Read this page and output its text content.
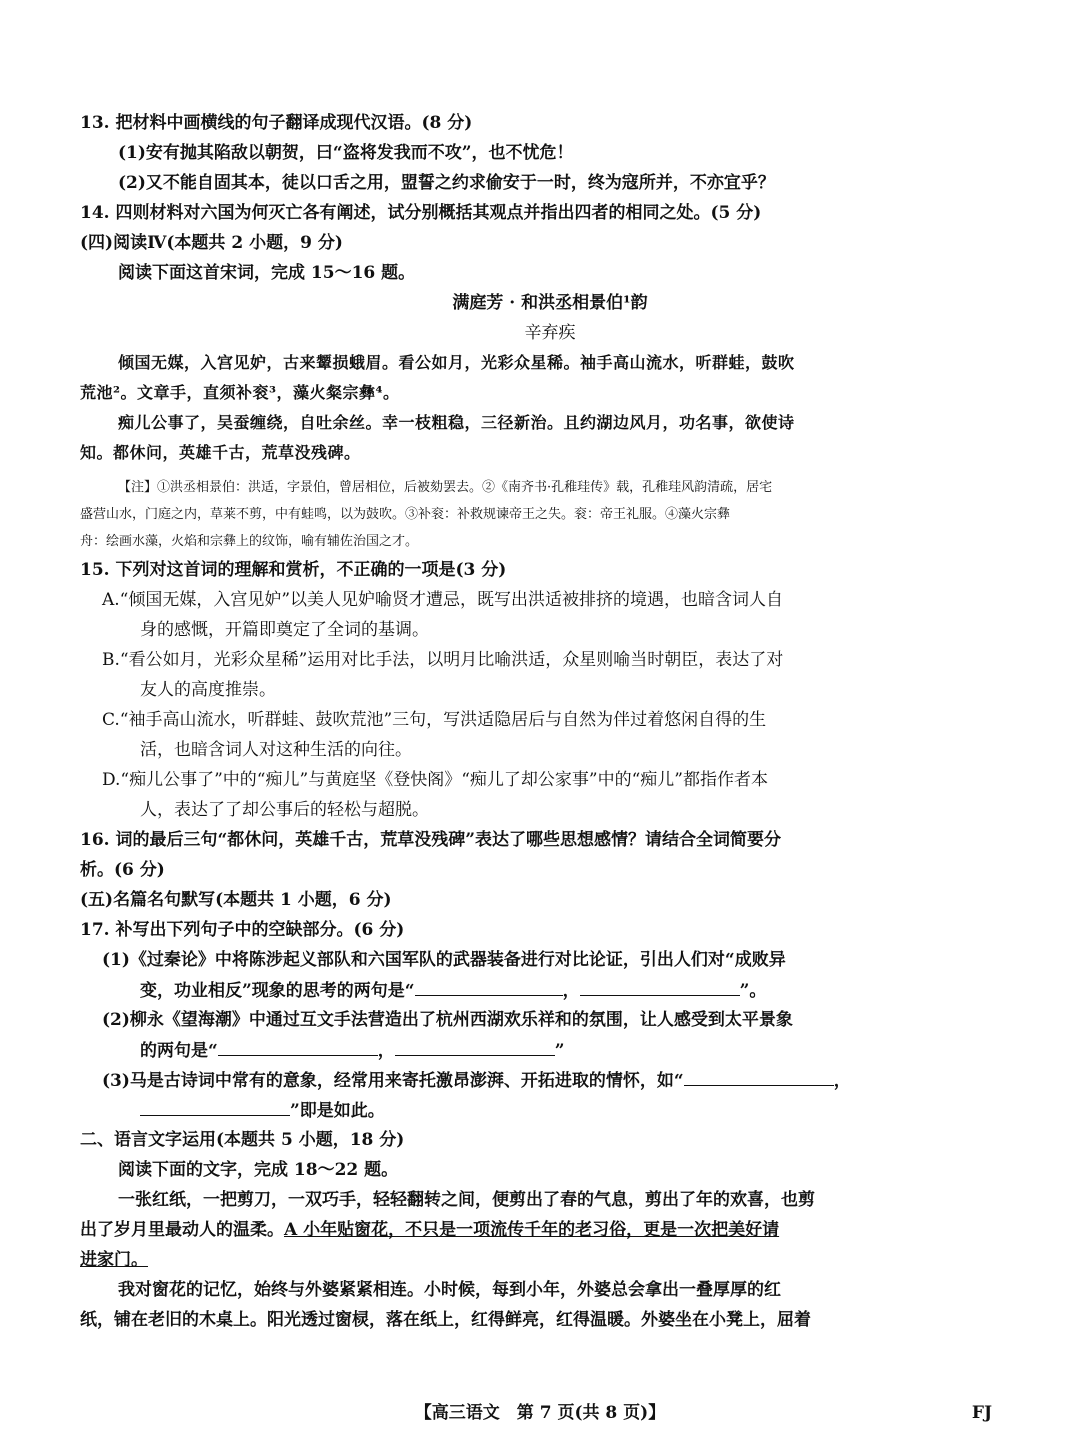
13. 把材料中画横线的句子翻译成现代汉语。(8 分)
(1)安有抛其陷敌以朝贺，曰“盗将发我而不攻”，也不忧危！
(2)又不能自固其本，徒以口舌之用，盟誓之约求偷安于一时，终为寇所并，不亦宜乎？
14. 四则材料对六国为何灭亡各有阐述，试分别概括其观点并指出四者的相同之处。(5 分)
(四)阅读Ⅳ(本题共 2 小题，9 分)
阅读下面这首宋词，完成 15～16 题。
满庭芳 · 和洪丞相景伯¹韵
辛弃疾
倾国无媒，入宫见妒，古来颦损蛾眉。看公如月，光彩众星稀。袖手高山流水，听群蛙，鼓吹
荒池²。文章手，直须补衮³，藻火粲宗彝⁴。
痴儿公事了，吴蚕缠绕，自吐余丝。幸一枝粗稳，三径新治。且约湖边风月，功名事，欲使诗
知。都休问，英雄千古，荒草没残碑。
【注】①洪丞相景伯：洪适，字景伯，曾居相位，后被劾罢去。②《南齐书·孔稚珪传》载，孔稚珪风韵清疏，居宅
盛营山水，门庭之内，草莱不剪，中有蛙鸣，以为鼓吹。③补衮：补救规谏帝王之失。衮：帝王礼服。④藻火宗彝
舟：绘画水藻，火焰和宗彝上的纹饰，喻有辅佐治国之才。
15. 下列对这首词的理解和赏析，不正确的一项是(3 分)
A.“倾国无媒，入宫见妒”以美人见妒喻贤才遭忌，既写出洪适被排挤的境遇，也暗含词人自
身的感慨，开篇即奠定了全词的基调。
B.“看公如月，光彩众星稀”运用对比手法，以明月比喻洪适，众星则喻当时朝臣，表达了对
友人的高度推崇。
C.“袖手高山流水，听群蛙、鼓吹荒池”三句，写洪适隐居后与自然为伴过着悠闲自得的生
活，也暗含词人对这种生活的向往。
D.“痴儿公事了”中的“痴儿”与黄庭坚《登快阁》“痴儿了却公家事”中的“痴儿”都指作者本
人，表达了了却公事后的轻松与超脱。
16. 词的最后三句“都休问，英雄千古，荒草没残碑”表达了哪些思想感情？请结合全词简要分
析。(6 分)
(五)名篇名句默写(本题共 1 小题，6 分)
17. 补写出下列句子中的空缺部分。(6 分)
(1)《过秦论》中将陈涉起义部队和六国军队的武器装备进行对比论证，引出人们对“成败异
变，功业相反”现象的思考的两句是“	，	”。
(2)柳永《望海潮》中通过互文手法营造出了杭州西湖欢乐祥和的氛围，让人感受到太平景象
的两句是“	，	”
(3)马是古诗词中常有的意象，经常用来寄托激昂澎湃、开拓进取的情怀，如“	，
”即是如此。
二、语言文字运用(本题共 5 小题，18 分)
阅读下面的文字，完成 18～22 题。
一张红纸，一把剪刀，一双巧手，轻轻翻转之间，便剪出了春的气息，剪出了年的欢喜，也剪
出了岁月里最动人的温柔。A 小年贴窗花，不只是一项流传千年的老习俗，更是一次把美好请
进家门。
我对窗花的记忆，始终与外婆紧紧相连。小时候，每到小年，外婆总会拿出一叠厚厚的红
纸，铺在老旧的木桌上。阳光透过窗棂，落在纸上，红得鲜亮，红得温暖。外婆坐在小凳上，屈着
【高三语文　第 7 页(共 8 页)】	FJ
